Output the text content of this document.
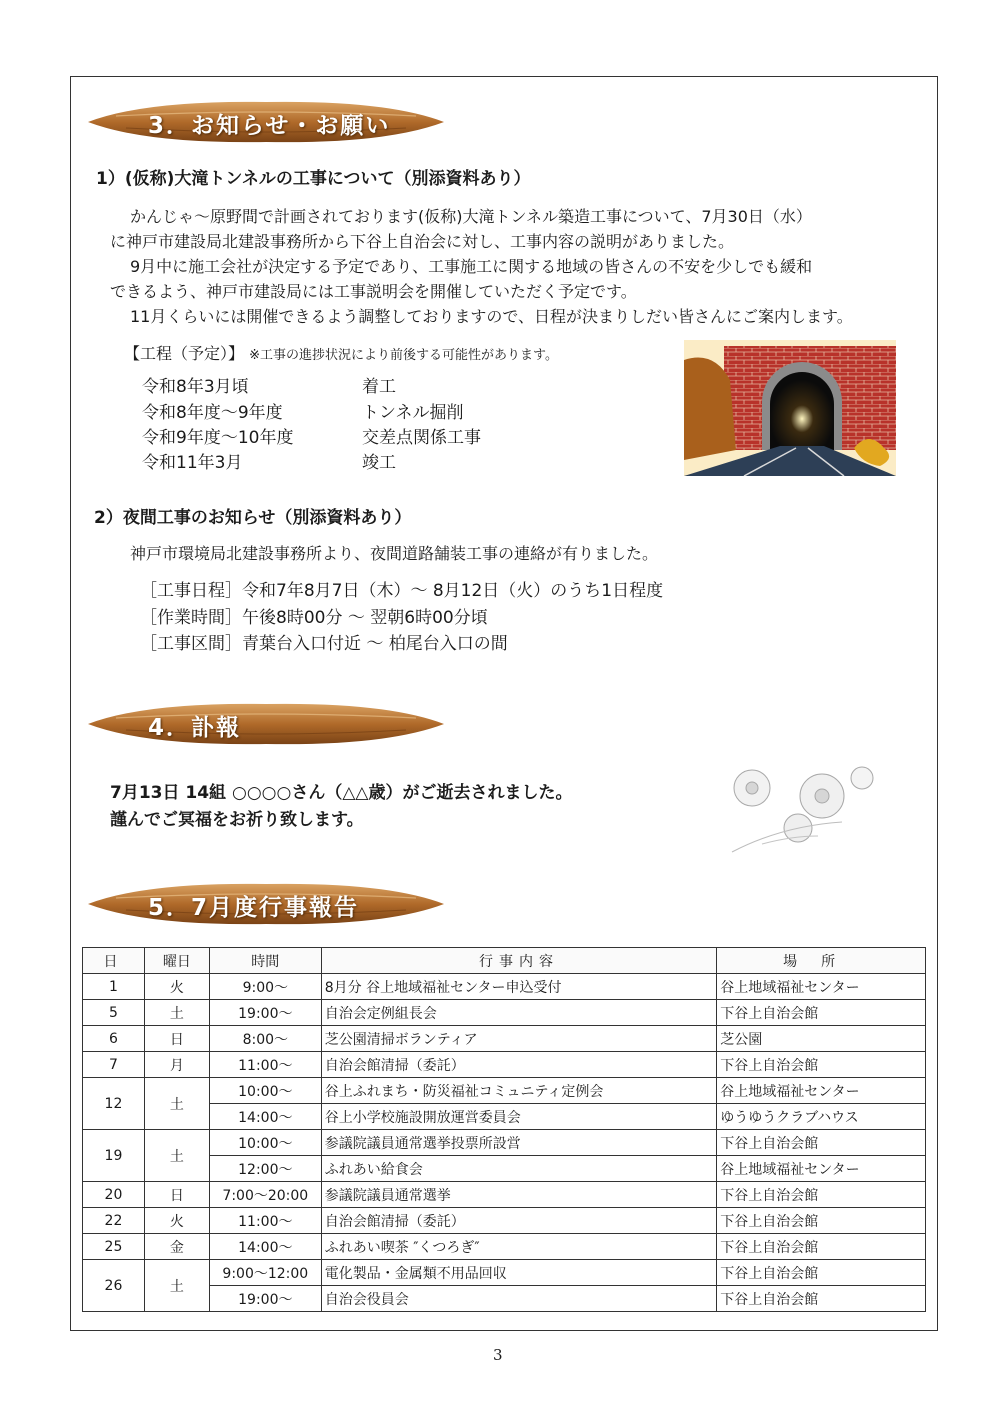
3．お知らせ・お願い
1）(仮称)大滝トンネルの工事について（別添資料あり）
かんじゃ～原野間で計画されております(仮称)大滝トンネル築造工事について、7月30日（水）
に神戸市建設局北建設事務所から下谷上自治会に対し、工事内容の説明がありました。
9月中に施工会社が決定する予定であり、工事施工に関する地域の皆さんの不安を少しでも緩和
できるよう、神戸市建設局には工事説明会を開催していただく予定です。
11月くらいには開催できるよう調整しておりますので、日程が決まりしだい皆さんにご案内します。
【工程（予定）】 ※工事の進捗状況により前後する可能性があります。
令和8年3月頃	着工
令和8年度～9年度	トンネル掘削
令和9年度～10年度	交差点関係工事
令和11年3月	竣工
2）夜間工事のお知らせ（別添資料あり）
神戸市環境局北建設事務所より、夜間道路舗装工事の連絡が有りました。
［工事日程］令和7年8月7日（木）～ 8月12日（火）のうち1日程度
［作業時間］午後8時00分 ～ 翌朝6時00分頃
［工事区間］青葉台入口付近 ～ 柏尾台入口の間
4．訃報
7月13日 14組 ○○○○さん（△△歳）がご逝去されました。
謹んでご冥福をお祈り致します。
5．7月度行事報告
日	曜日	時間	行事内容	場所
1	火	9:00～	8月分 谷上地域福祉センター申込受付	谷上地域福祉センター
5	土	19:00～	自治会定例組長会	下谷上自治会館
6	日	8:00～	芝公園清掃ボランティア	芝公園
7	月	11:00～	自治会館清掃（委託）	下谷上自治会館
12	土	10:00～	谷上ふれまち・防災福祉コミュニティ定例会	谷上地域福祉センター
		14:00～	谷上小学校施設開放運営委員会	ゆうゆうクラブハウス
19	土	10:00～	参議院議員通常選挙投票所設営	下谷上自治会館
		12:00～	ふれあい給食会	谷上地域福祉センター
20	日	7:00～20:00	参議院議員通常選挙	下谷上自治会館
22	火	11:00～	自治会館清掃（委託）	下谷上自治会館
25	金	14:00～	ふれあい喫茶 ″くつろぎ″	下谷上自治会館
26	土	9:00～12:00	電化製品・金属類不用品回収	下谷上自治会館
		19:00～	自治会役員会	下谷上自治会館
3
